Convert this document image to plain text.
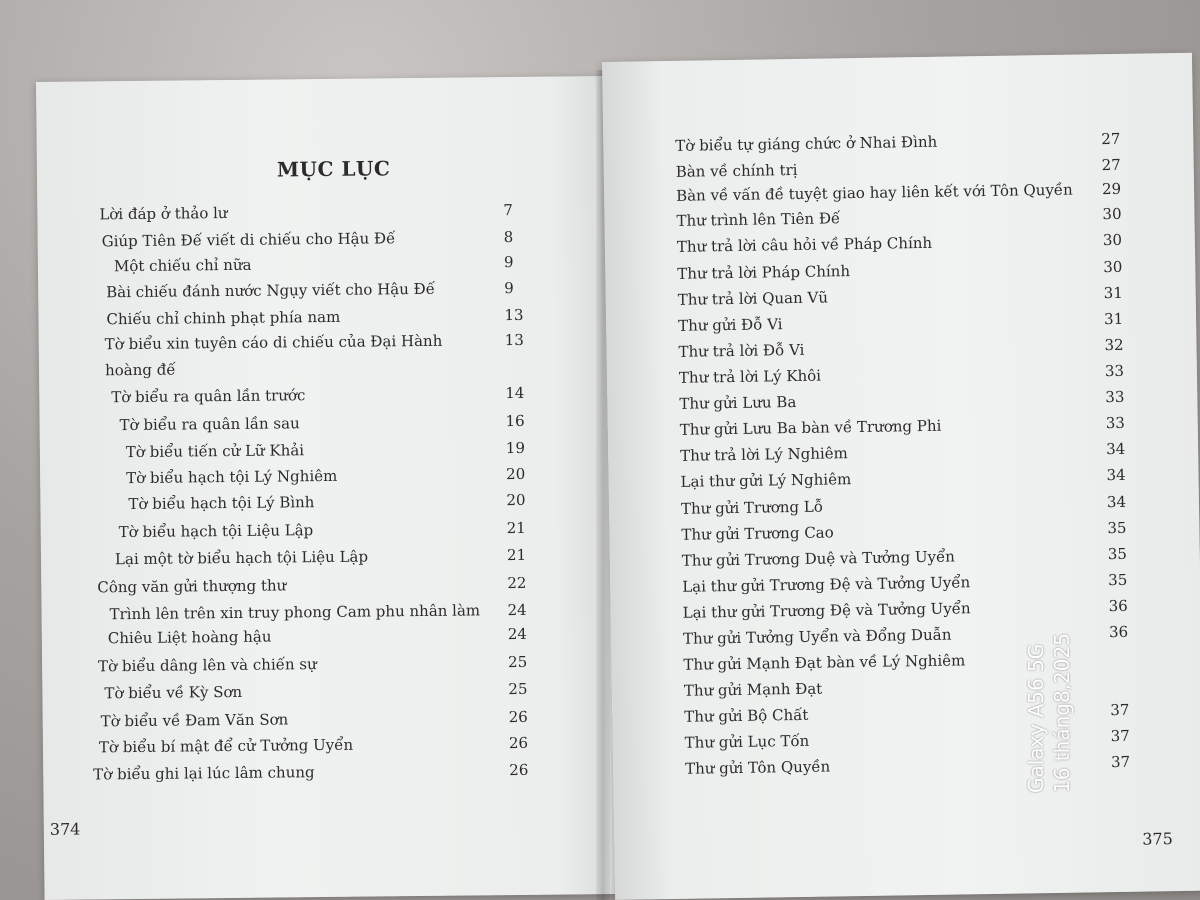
MỤC LỤC
Lời đáp ở thảo lư	7
Giúp Tiên Đế viết di chiếu cho Hậu Đế	8
Một chiếu chỉ nữa	9
Bài chiếu đánh nước Ngụy viết cho Hậu Đế	9
Chiếu chỉ chinh phạt phía nam	13
Tờ biểu xin tuyên cáo di chiếu của Đại Hành	13
hoàng đế
Tờ biểu ra quân lần trước	14
Tờ biểu ra quân lần sau	16
Tờ biểu tiến cử Lữ Khải	19
Tờ biểu hạch tội Lý Nghiêm	20
Tờ biểu hạch tội Lý Bình	20
Tờ biểu hạch tội Liệu Lập	21
Lại một tờ biểu hạch tội Liệu Lập	21
Công văn gửi thượng thư	22
Trình lên trên xin truy phong Cam phu nhân làm 24
Chiêu Liệt hoàng hậu	24
Tờ biểu dâng lên và chiến sự	25
Tờ biểu về Kỳ Sơn	25
Tờ biểu về Đam Văn Sơn	26
Tờ biểu bí mật để cử Tưởng Uyển	26
Tờ biểu ghi lại lúc lâm chung	26
374
Tờ biểu tự giáng chức ở Nhai Đình	27
Bàn về chính trị	27
Bàn về vấn đề tuyệt giao hay liên kết với Tôn Quyền 29
Thư trình lên Tiên Đế	30
Thư trả lời câu hỏi về Pháp Chính	30
Thư trả lời Pháp Chính	30
Thư trả lời Quan Vũ	31
Thư gửi Đỗ Vi	31
Thư trả lời Đỗ Vi	32
Thư trả lời Lý Khôi	33
Thư gửi Lưu Ba	33
Thư gửi Lưu Ba bàn về Trương Phi	33
Thư trả lời Lý Nghiêm	34
Lại thư gửi Lý Nghiêm	34
Thư gửi Trương Lỗ	34
Thư gửi Trương Cao	35
Thư gửi Trương Duệ và Tưởng Uyển	35
Lại thư gửi Trương Đệ và Tưởng Uyển	35
Lại thư gửi Trương Đệ và Tưởng Uyển	36
Thư gửi Tưởng Uyển và Đổng Duẫn	36
Thư gửi Mạnh Đạt bàn về Lý Nghiêm
Thư gửi Mạnh Đạt
Thư gửi Bộ Chất	37
Thư gửi Lục Tốn	37
Thư gửi Tôn Quyền	37
375
Galaxy A56 5G 16 tháng8,2025
